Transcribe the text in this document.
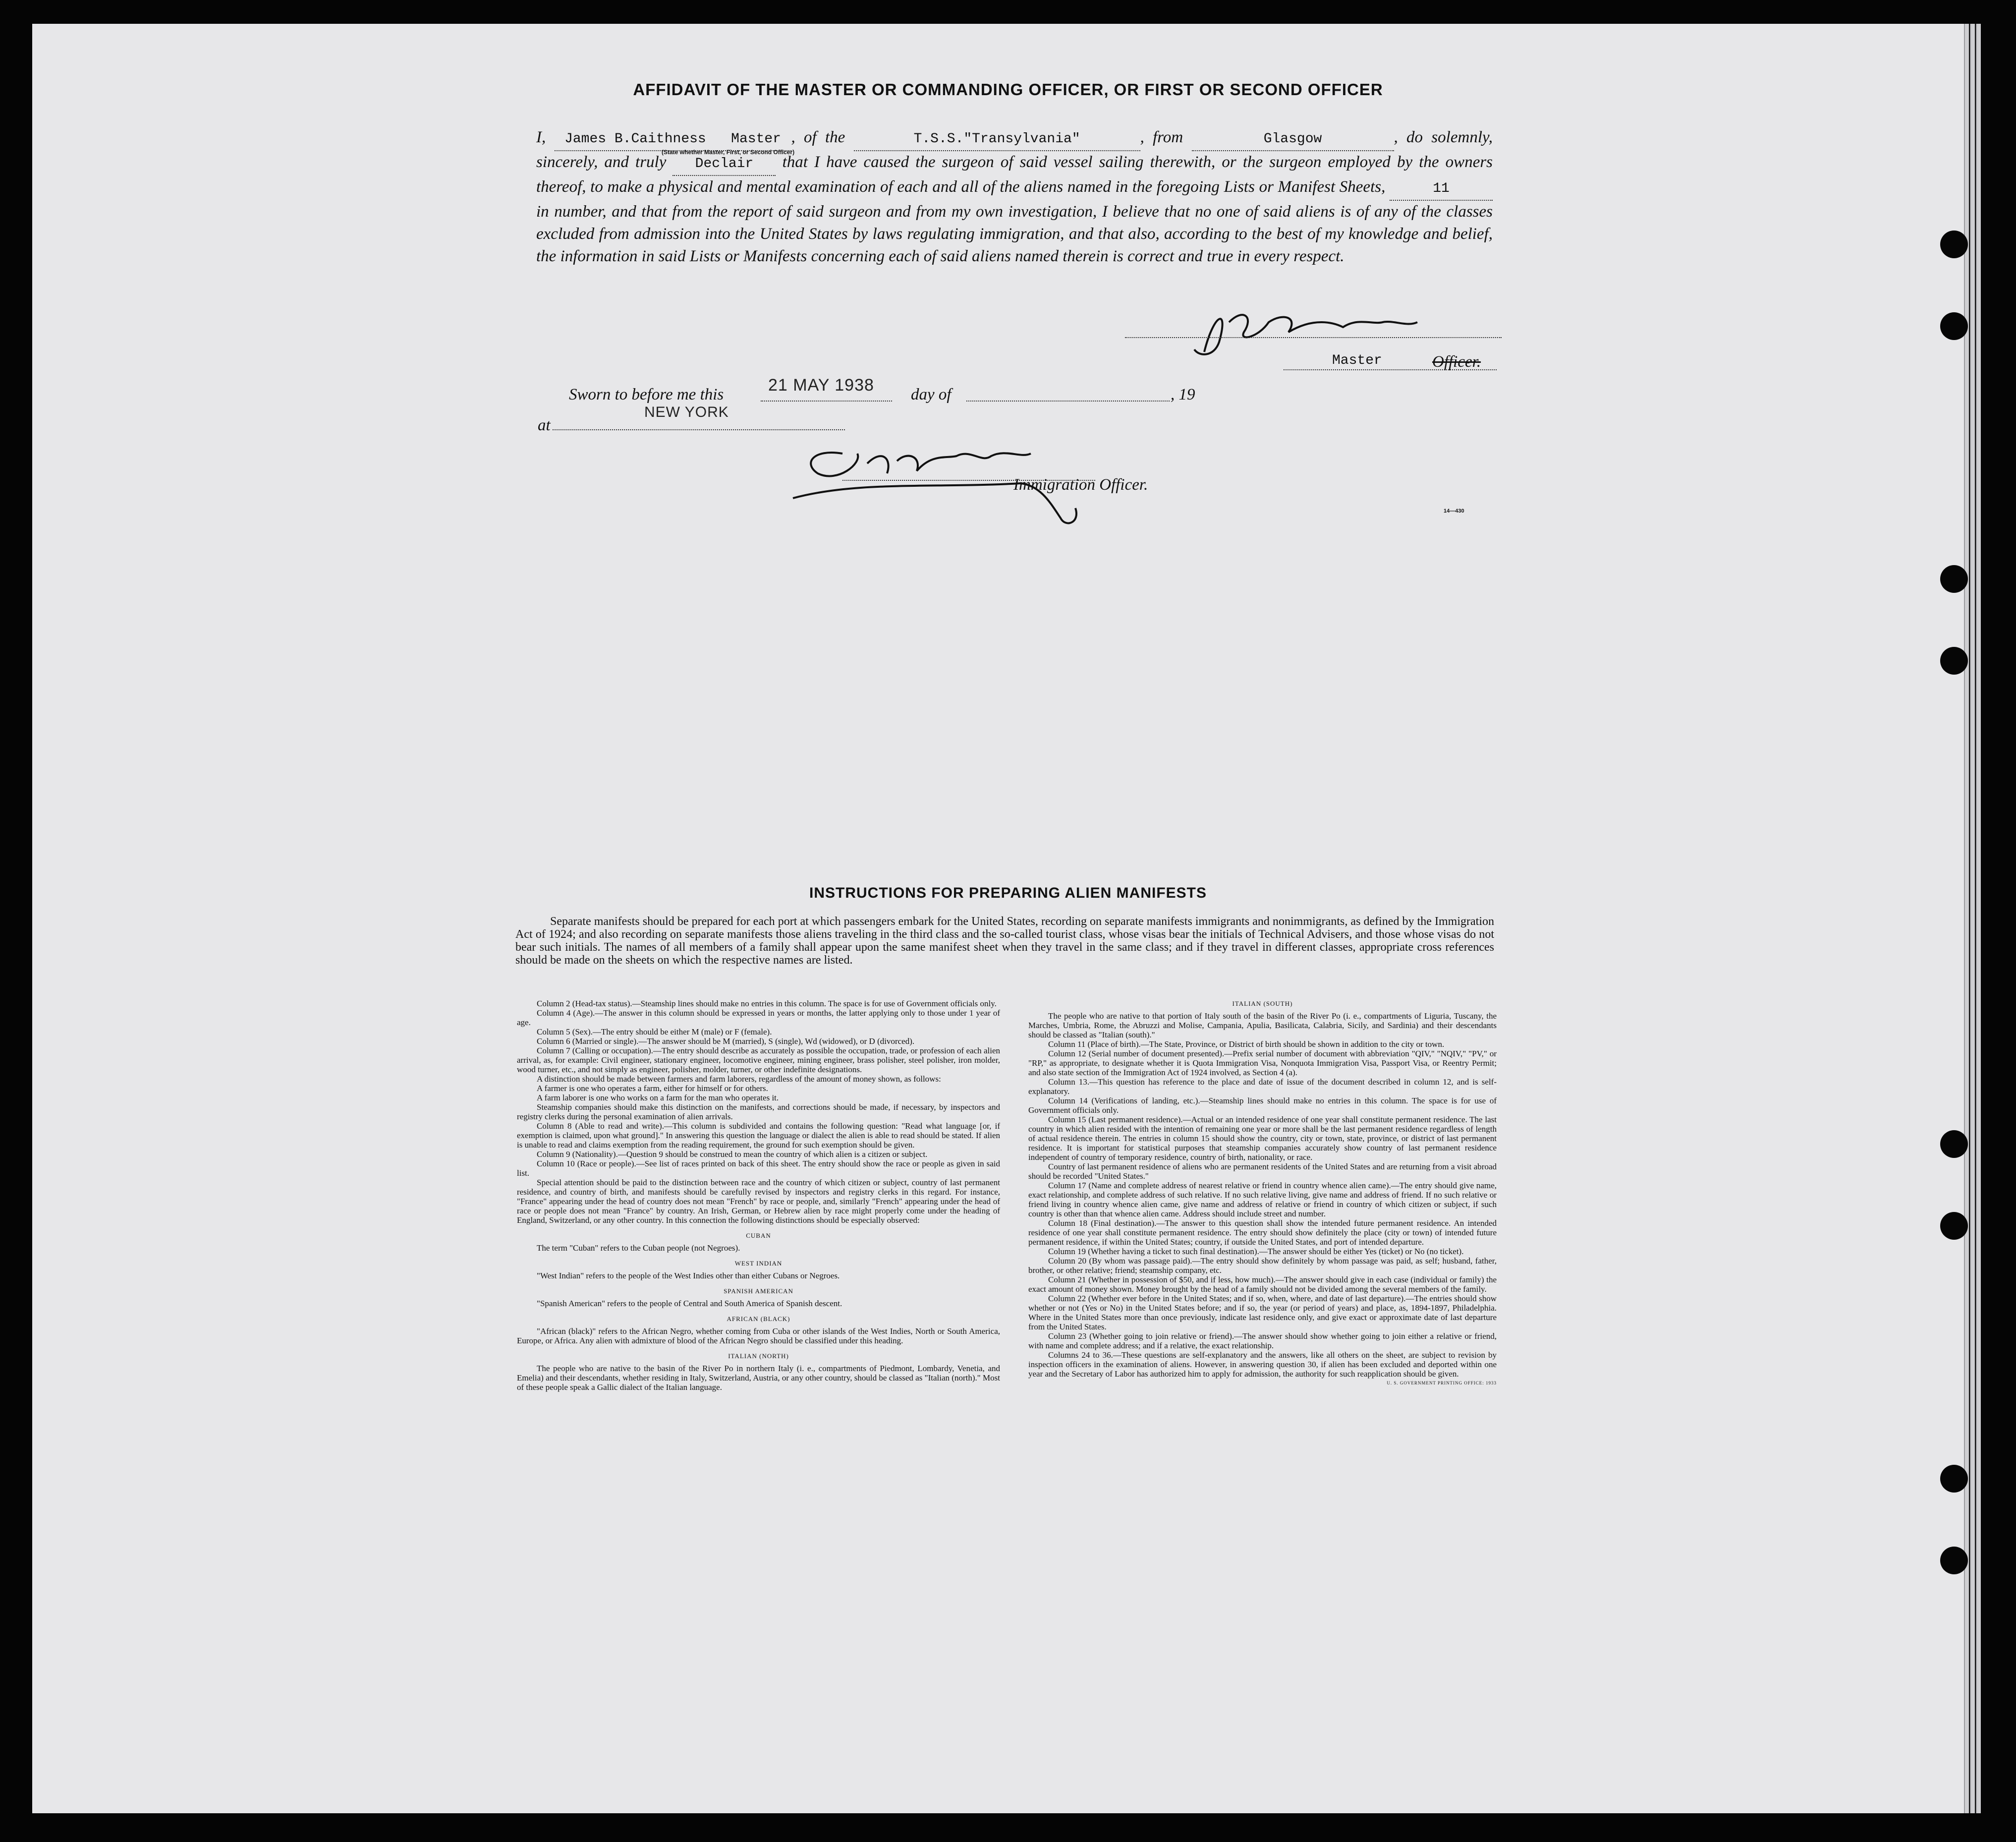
AFFIDAVIT OF THE MASTER OR COMMANDING OFFICER, OR FIRST OR SECOND OFFICER

I, James B.Caithness Master , of the	T.S.S."Transylvania"	, from	Glasgow	, do solemnly, sincerely, and truly Declair that I have caused the surgeon of said vessel sailing therewith, or the surgeon employed by the owners thereof, to make a physical and mental examination of each and all of the aliens named in the foregoing Lists or Manifest Sheets,	11 in number, and that from the report of said surgeon and from my own investigation, I believe that no one of said aliens is of any of the classes excluded from admission into the United States by laws regulating immigration, and that also, according to the best of my knowledge and belief, the information in said Lists or Manifests concerning each of said aliens named therein is correct and true in every respect.

(State whether Master, First, or Second Officer)
Master	Officer.
Sworn to before me this	21 MAY 1938 day of	, 19
at
NEW YORK
Immigration Officer.
14—430
INSTRUCTIONS FOR PREPARING ALIEN MANIFESTS

Separate manifests should be prepared for each port at which passengers embark for the United States, recording on separate manifests immigrants and nonimmigrants, as defined by the Immigration Act of 1924; and also recording on separate manifests those aliens traveling in the third class and the so-called tourist class, whose visas bear the initials of Technical Advisers, and those whose visas do not bear such initials. The names of all members of a family shall appear upon the same manifest sheet when they travel in the same class; and if they travel in different classes, appropriate cross references should be made on the sheets on which the respective names are listed.

Column 2 (Head-tax status).—Steamship lines should make no entries in this column. The space is for use of Government officials only.

Column 4 (Age).—The answer in this column should be expressed in years or months, the latter applying only to those under 1 year of age.

Column 5 (Sex).—The entry should be either M (male) or F (female).

Column 6 (Married or single).—The answer should be M (married), S (single), Wd (widowed), or D (divorced).

Column 7 (Calling or occupation).—The entry should describe as accurately as possible the occupation, trade, or profession of each alien arrival, as, for example: Civil engineer, stationary engineer, locomotive engineer, mining engineer, brass polisher, steel polisher, iron molder, wood turner, etc., and not simply as engineer, polisher, molder, turner, or other indefinite designations.

A distinction should be made between farmers and farm laborers, regardless of the amount of money shown, as follows:

A farmer is one who operates a farm, either for himself or for others.

A farm laborer is one who works on a farm for the man who operates it.

Steamship companies should make this distinction on the manifests, and corrections should be made, if necessary, by inspectors and registry clerks during the personal examination of alien arrivals.

Column 8 (Able to read and write).—This column is subdivided and contains the following question: "Read what language [or, if exemption is claimed, upon what ground]." In answering this question the language or dialect the alien is able to read should be stated. If alien is unable to read and claims exemption from the reading requirement, the ground for such exemption should be given.

Column 9 (Nationality).—Question 9 should be construed to mean the country of which alien is a citizen or subject.

Column 10 (Race or people).—See list of races printed on back of this sheet. The entry should show the race or people as given in said list.

Special attention should be paid to the distinction between race and the country of which citizen or subject, country of last permanent residence, and country of birth, and manifests should be carefully revised by inspectors and registry clerks in this regard. For instance, "France" appearing under the head of country does not mean "French" by race or people, and, similarly "French" appearing under the head of race or people does not mean "France" by country. An Irish, German, or Hebrew alien by race might properly come under the heading of England, Switzerland, or any other country. In this connection the following distinctions should be especially observed:

CUBAN

The term "Cuban" refers to the Cuban people (not Negroes).

WEST INDIAN

"West Indian" refers to the people of the West Indies other than either Cubans or Negroes.

SPANISH AMERICAN

"Spanish American" refers to the people of Central and South America of Spanish descent.

AFRICAN (BLACK)

"African (black)" refers to the African Negro, whether coming from Cuba or other islands of the West Indies, North or South America, Europe, or Africa. Any alien with admixture of blood of the African Negro should be classified under this heading.

ITALIAN (NORTH)

The people who are native to the basin of the River Po in northern Italy (i. e., compartments of Piedmont, Lombardy, Venetia, and Emelia) and their descendants, whether residing in Italy, Switzerland, Austria, or any other country, should be classed as "Italian (north)." Most of these people speak a Gallic dialect of the Italian language.

ITALIAN (SOUTH)

The people who are native to that portion of Italy south of the basin of the River Po (i. e., compartments of Liguria, Tuscany, the Marches, Umbria, Rome, the Abruzzi and Molise, Campania, Apulia, Basilicata, Calabria, Sicily, and Sardinia) and their descendants should be classed as "Italian (south)."

Column 11 (Place of birth).—The State, Province, or District of birth should be shown in addition to the city or town.

Column 12 (Serial number of document presented).—Prefix serial number of document with abbreviation "QIV," "NQIV," "PV," or "RP," as appropriate, to designate whether it is Quota Immigration Visa, Nonquota Immigration Visa, Passport Visa, or Reentry Permit; and also state section of the Immigration Act of 1924 involved, as Section 4 (a).

Column 13.—This question has reference to the place and date of issue of the document described in column 12, and is self-explanatory.

Column 14 (Verifications of landing, etc.).—Steamship lines should make no entries in this column. The space is for use of Government officials only.

Column 15 (Last permanent residence).—Actual or an intended residence of one year shall constitute permanent residence. The last country in which alien resided with the intention of remaining one year or more shall be the last permanent residence regardless of length of actual residence therein. The entries in column 15 should show the country, city or town, state, province, or district of last permanent residence. It is important for statistical purposes that steamship companies accurately show country of last permanent residence independent of country of temporary residence, country of birth, nationality, or race.

Country of last permanent residence of aliens who are permanent residents of the United States and are returning from a visit abroad should be recorded "United States."

Column 17 (Name and complete address of nearest relative or friend in country whence alien came).—The entry should give name, exact relationship, and complete address of such relative. If no such relative living, give name and address of friend. If no such relative or friend living in country whence alien came, give name and address of relative or friend in country of which citizen or subject, if such country is other than that whence alien came. Address should include street and number.

Column 18 (Final destination).—The answer to this question shall show the intended future permanent residence. An intended residence of one year shall constitute permanent residence. The entry should show definitely the place (city or town) of intended future permanent residence, if within the United States; country, if outside the United States, and port of intended departure.

Column 19 (Whether having a ticket to such final destination).—The answer should be either Yes (ticket) or No (no ticket).

Column 20 (By whom was passage paid).—The entry should show definitely by whom passage was paid, as self; husband, father, brother, or other relative; friend; steamship company, etc.

Column 21 (Whether in possession of $50, and if less, how much).—The answer should give in each case (individual or family) the exact amount of money shown. Money brought by the head of a family should not be divided among the several members of the family.

Column 22 (Whether ever before in the United States; and if so, when, where, and date of last departure).—The entries should show whether or not (Yes or No) in the United States before; and if so, the year (or period of years) and place, as, 1894-1897, Philadelphia. Where in the United States more than once previously, indicate last residence only, and give exact or approximate date of last departure from the United States.

Column 23 (Whether going to join relative or friend).—The answer should show whether going to join either a relative or friend, with name and complete address; and if a relative, the exact relationship.

Columns 24 to 36.—These questions are self-explanatory and the answers, like all others on the sheet, are subject to revision by inspection officers in the examination of aliens. However, in answering question 30, if alien has been excluded and deported within one year and the Secretary of Labor has authorized him to apply for admission, the authority for such reapplication should be given.

U. S. GOVERNMENT PRINTING OFFICE: 1933
